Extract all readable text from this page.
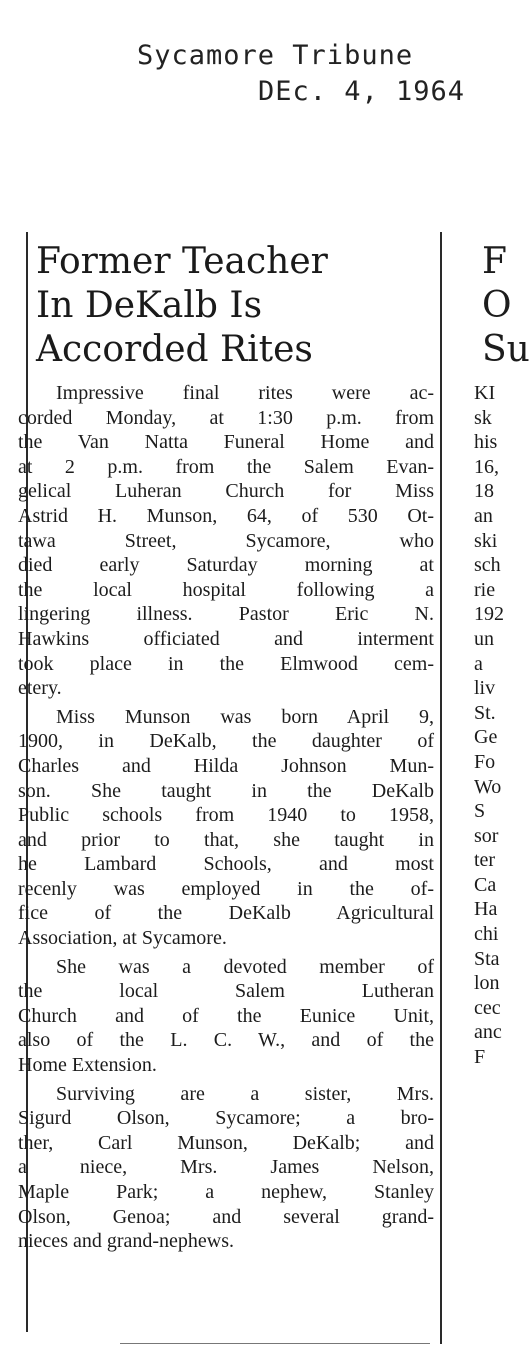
Sycamore Tribune
DEc. 4, 1964
Former Teacher
In DeKalb Is
Accorded Rites

Impressive final rites were ac-
corded Monday, at 1:30 p.m. from
the Van Natta Funeral Home and
at 2 p.m. from the Salem Evan-
gelical Luheran Church for Miss
Astrid H. Munson, 64, of 530 Ot-
tawa Street, Sycamore, who
died early Saturday morning at
the local hospital following a
lingering illness. Pastor Eric N.
Hawkins officiated and interment
took place in the Elmwood cem-
etery.

Miss Munson was born April 9,
1900, in DeKalb, the daughter of
Charles and Hilda Johnson Mun-
son. She taught in the DeKalb
Public schools from 1940 to 1958,
and prior to that, she taught in
he Lambard Schools, and most
recenly was employed in the of-
fice of the DeKalb Agricultural
Association, at Sycamore.

She was a devoted member of
the local Salem Lutheran
Church and of the Eunice Unit,
also of the L. C. W., and of the
Home Extension.

Surviving are a sister, Mrs.
Sigurd Olson, Sycamore; a bro-
ther, Carl Munson, DeKalb; and
a niece, Mrs. James Nelson,
Maple Park; a nephew, Stanley
Olson, Genoa; and several grand-
nieces and grand-nephews.

F
O
Su
KI
sk
his
16,
18
an
ski
sch
rie
192
un
a
liv
St.
Ge
Fo
Wo
S
sor
ter
Ca
Ha
chi
Sta
lon
cec
anc
F
